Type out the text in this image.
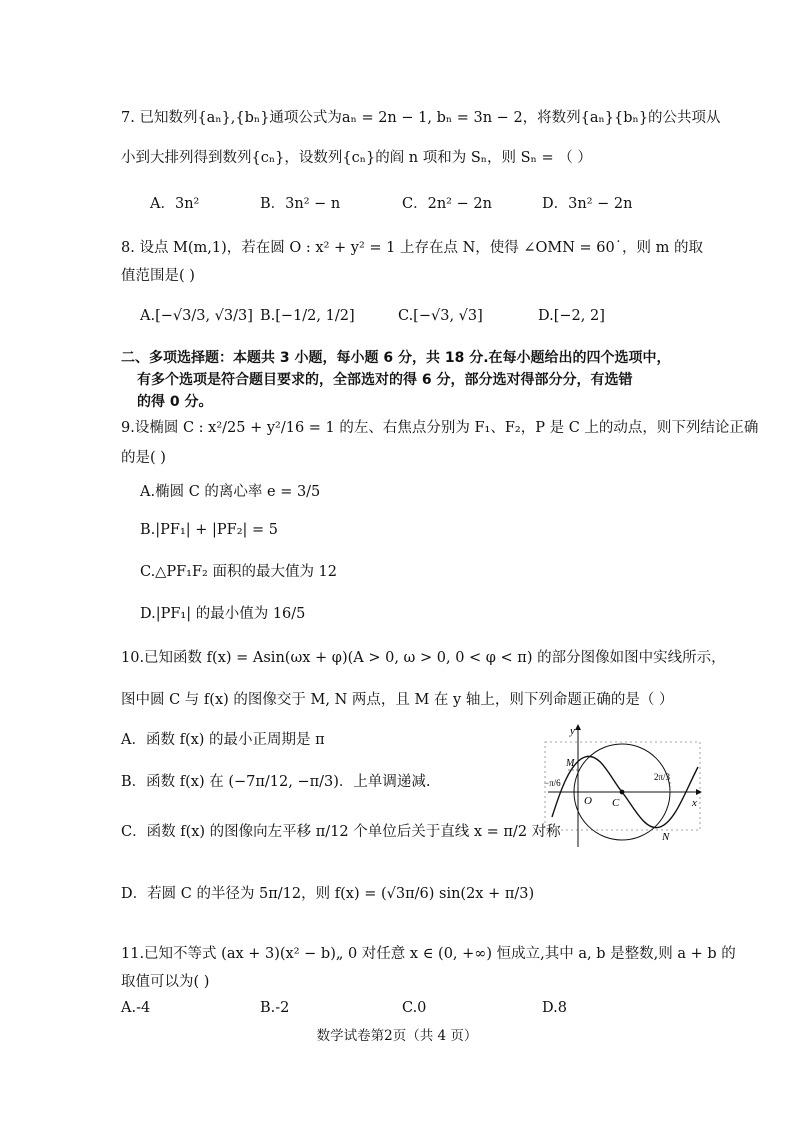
7. 已知数列{aₙ},{bₙ}通项公式为aₙ = 2n − 1, bₙ = 3n − 2，将数列{aₙ}{bₙ}的公共项从
小到大排列得到数列{cₙ}，设数列{cₙ}的阎 n 项和为 Sₙ，则 Sₙ = （ ）
A．3n²	B．3n² − n	C．2n² − 2n	D．3n² − 2n
8. 设点 M(m,1)，若在圆 O : x² + y² = 1 上存在点 N，使得 ∠OMN = 60˙，则 m 的取
值范围是( )
A.[−√3/3, √3/3] B.[−1/2, 1/2]	C.[−√3, √3]	D.[−2, 2]
二、多项选择题：本题共 3 小题，每小题 6 分，共 18 分.在每小题给出的四个选项中，
有多个选项是符合题目要求的，全部选对的得 6 分，部分选对得部分分，有选错
的得 0 分。
9.设椭圆 C : x²/25 + y²/16 = 1 的左、右焦点分别为 F₁、F₂，P 是 C 上的动点，则下列结论正确
的是( )
A.椭圆 C 的离心率 e = 3/5
B.|PF₁| + |PF₂| = 5
C.△PF₁F₂ 面积的最大值为 12
D.|PF₁| 的最小值为 16/5
10.已知函数 f(x) = Asin(ωx + φ)(A > 0, ω > 0, 0 < φ < π) 的部分图像如图中实线所示，
图中圆 C 与 f(x) 的图像交于 M, N 两点，且 M 在 y 轴上，则下列命题正确的是（ ）
A．函数 f(x) 的最小正周期是 π
B．函数 f(x) 在 (−7π/12, −π/3)．上单调递减.
C．函数 f(x) 的图像向左平移 π/12 个单位后关于直线 x = π/2 对称
D．若圆 C 的半径为 5π/12，则 f(x) = (√3π/6) sin(2x + π/3)
y
x
O
M
C
N
−π/6
2π/3
11.已知不等式 (ax + 3)(x² − b)„ 0 对任意 x ∈ (0, +∞) 恒成立,其中 a, b 是整数,则 a + b 的
取值可以为( )
A.-4	B.-2	C.0	D.8
数学试卷第2页（共 4 页）
